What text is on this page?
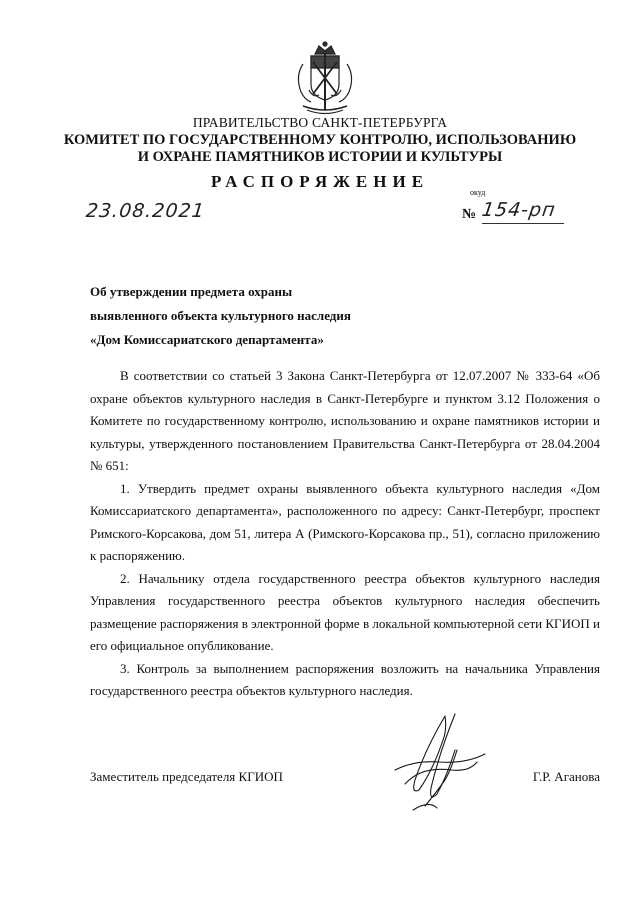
ПРАВИТЕЛЬСТВО САНКТ-ПЕТЕРБУРГА
КОМИТЕТ ПО ГОСУДАРСТВЕННОМУ КОНТРОЛЮ, ИСПОЛЬЗОВАНИЮ
И ОХРАНЕ ПАМЯТНИКОВ ИСТОРИИ И КУЛЬТУРЫ
РАСПОРЯЖЕНИЕ
окуд
23.08.2021	№ 154-рп
Об утверждении предмета охраны
выявленного объекта культурного наследия
«Дом Комиссариатского департамента»

В соответствии со статьей 3 Закона Санкт-Петербурга от 12.07.2007 № 333-64 «Об охране объектов культурного наследия в Санкт-Петербурге и пунктом 3.12 Положения о Комитете по государственному контролю, использованию и охране памятников истории и культуры, утвержденного постановлением Правительства Санкт-Петербурга от 28.04.2004 № 651:

1. Утвердить предмет охраны выявленного объекта культурного наследия «Дом Комиссариатского департамента», расположенного по адресу: Санкт-Петербург, проспект Римского-Корсакова, дом 51, литера А (Римского-Корсакова пр., 51), согласно приложению к распоряжению.

2. Начальнику отдела государственного реестра объектов культурного наследия Управления государственного реестра объектов культурного наследия обеспечить размещение распоряжения в электронной форме в локальной компьютерной сети КГИОП и его официальное опубликование.

3. Контроль за выполнением распоряжения возложить на начальника Управления государственного реестра объектов культурного наследия.

Заместитель председателя КГИОП	Г.Р. Аганова
